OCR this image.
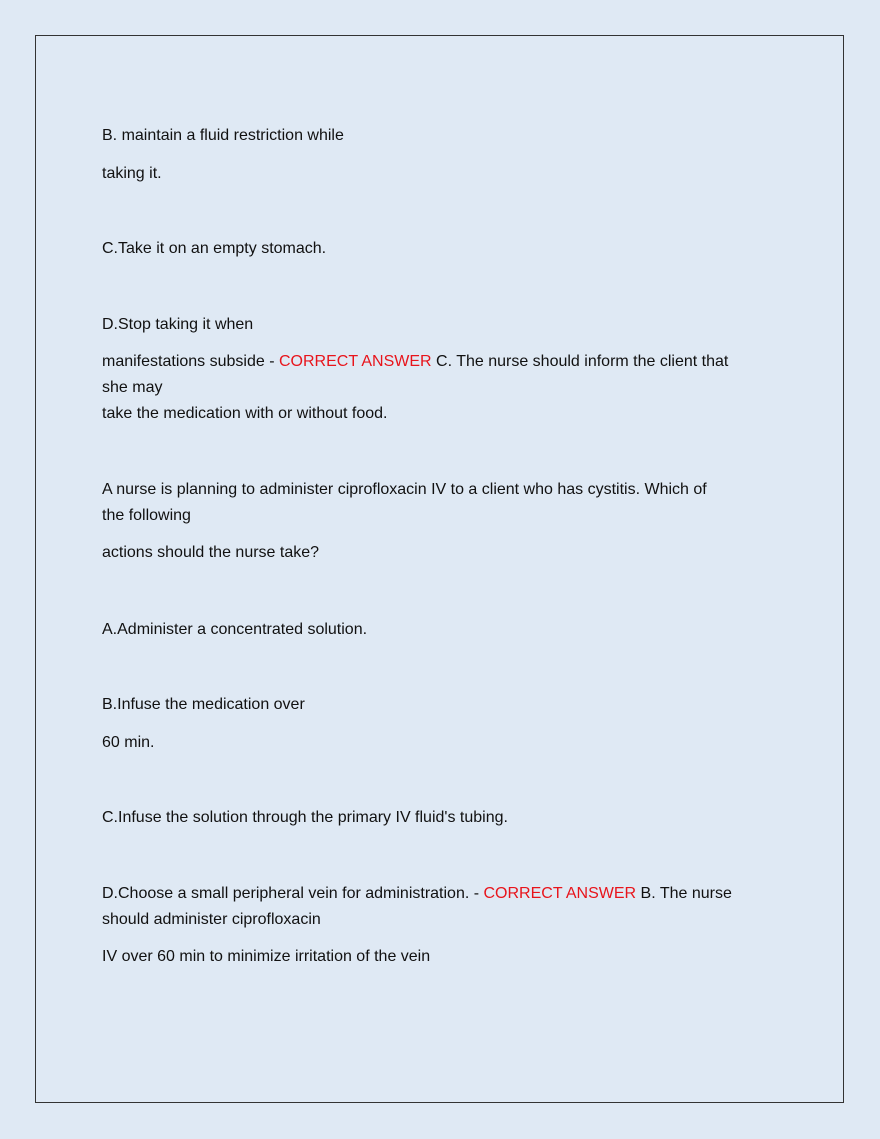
B. maintain a fluid restriction while
taking it.
C.Take it on an empty stomach.
D.Stop taking it when
manifestations subside - CORRECT ANSWER C. The nurse should inform the client that
she may
take the medication with or without food.
A nurse is planning to administer ciprofloxacin IV to a client who has cystitis. Which of
the following
actions should the nurse take?
A.Administer a concentrated solution.
B.Infuse the medication over
60 min.
C.Infuse the solution through the primary IV fluid's tubing.
D.Choose a small peripheral vein for administration. - CORRECT ANSWER B. The nurse
should administer ciprofloxacin
IV over 60 min to minimize irritation of the vein
